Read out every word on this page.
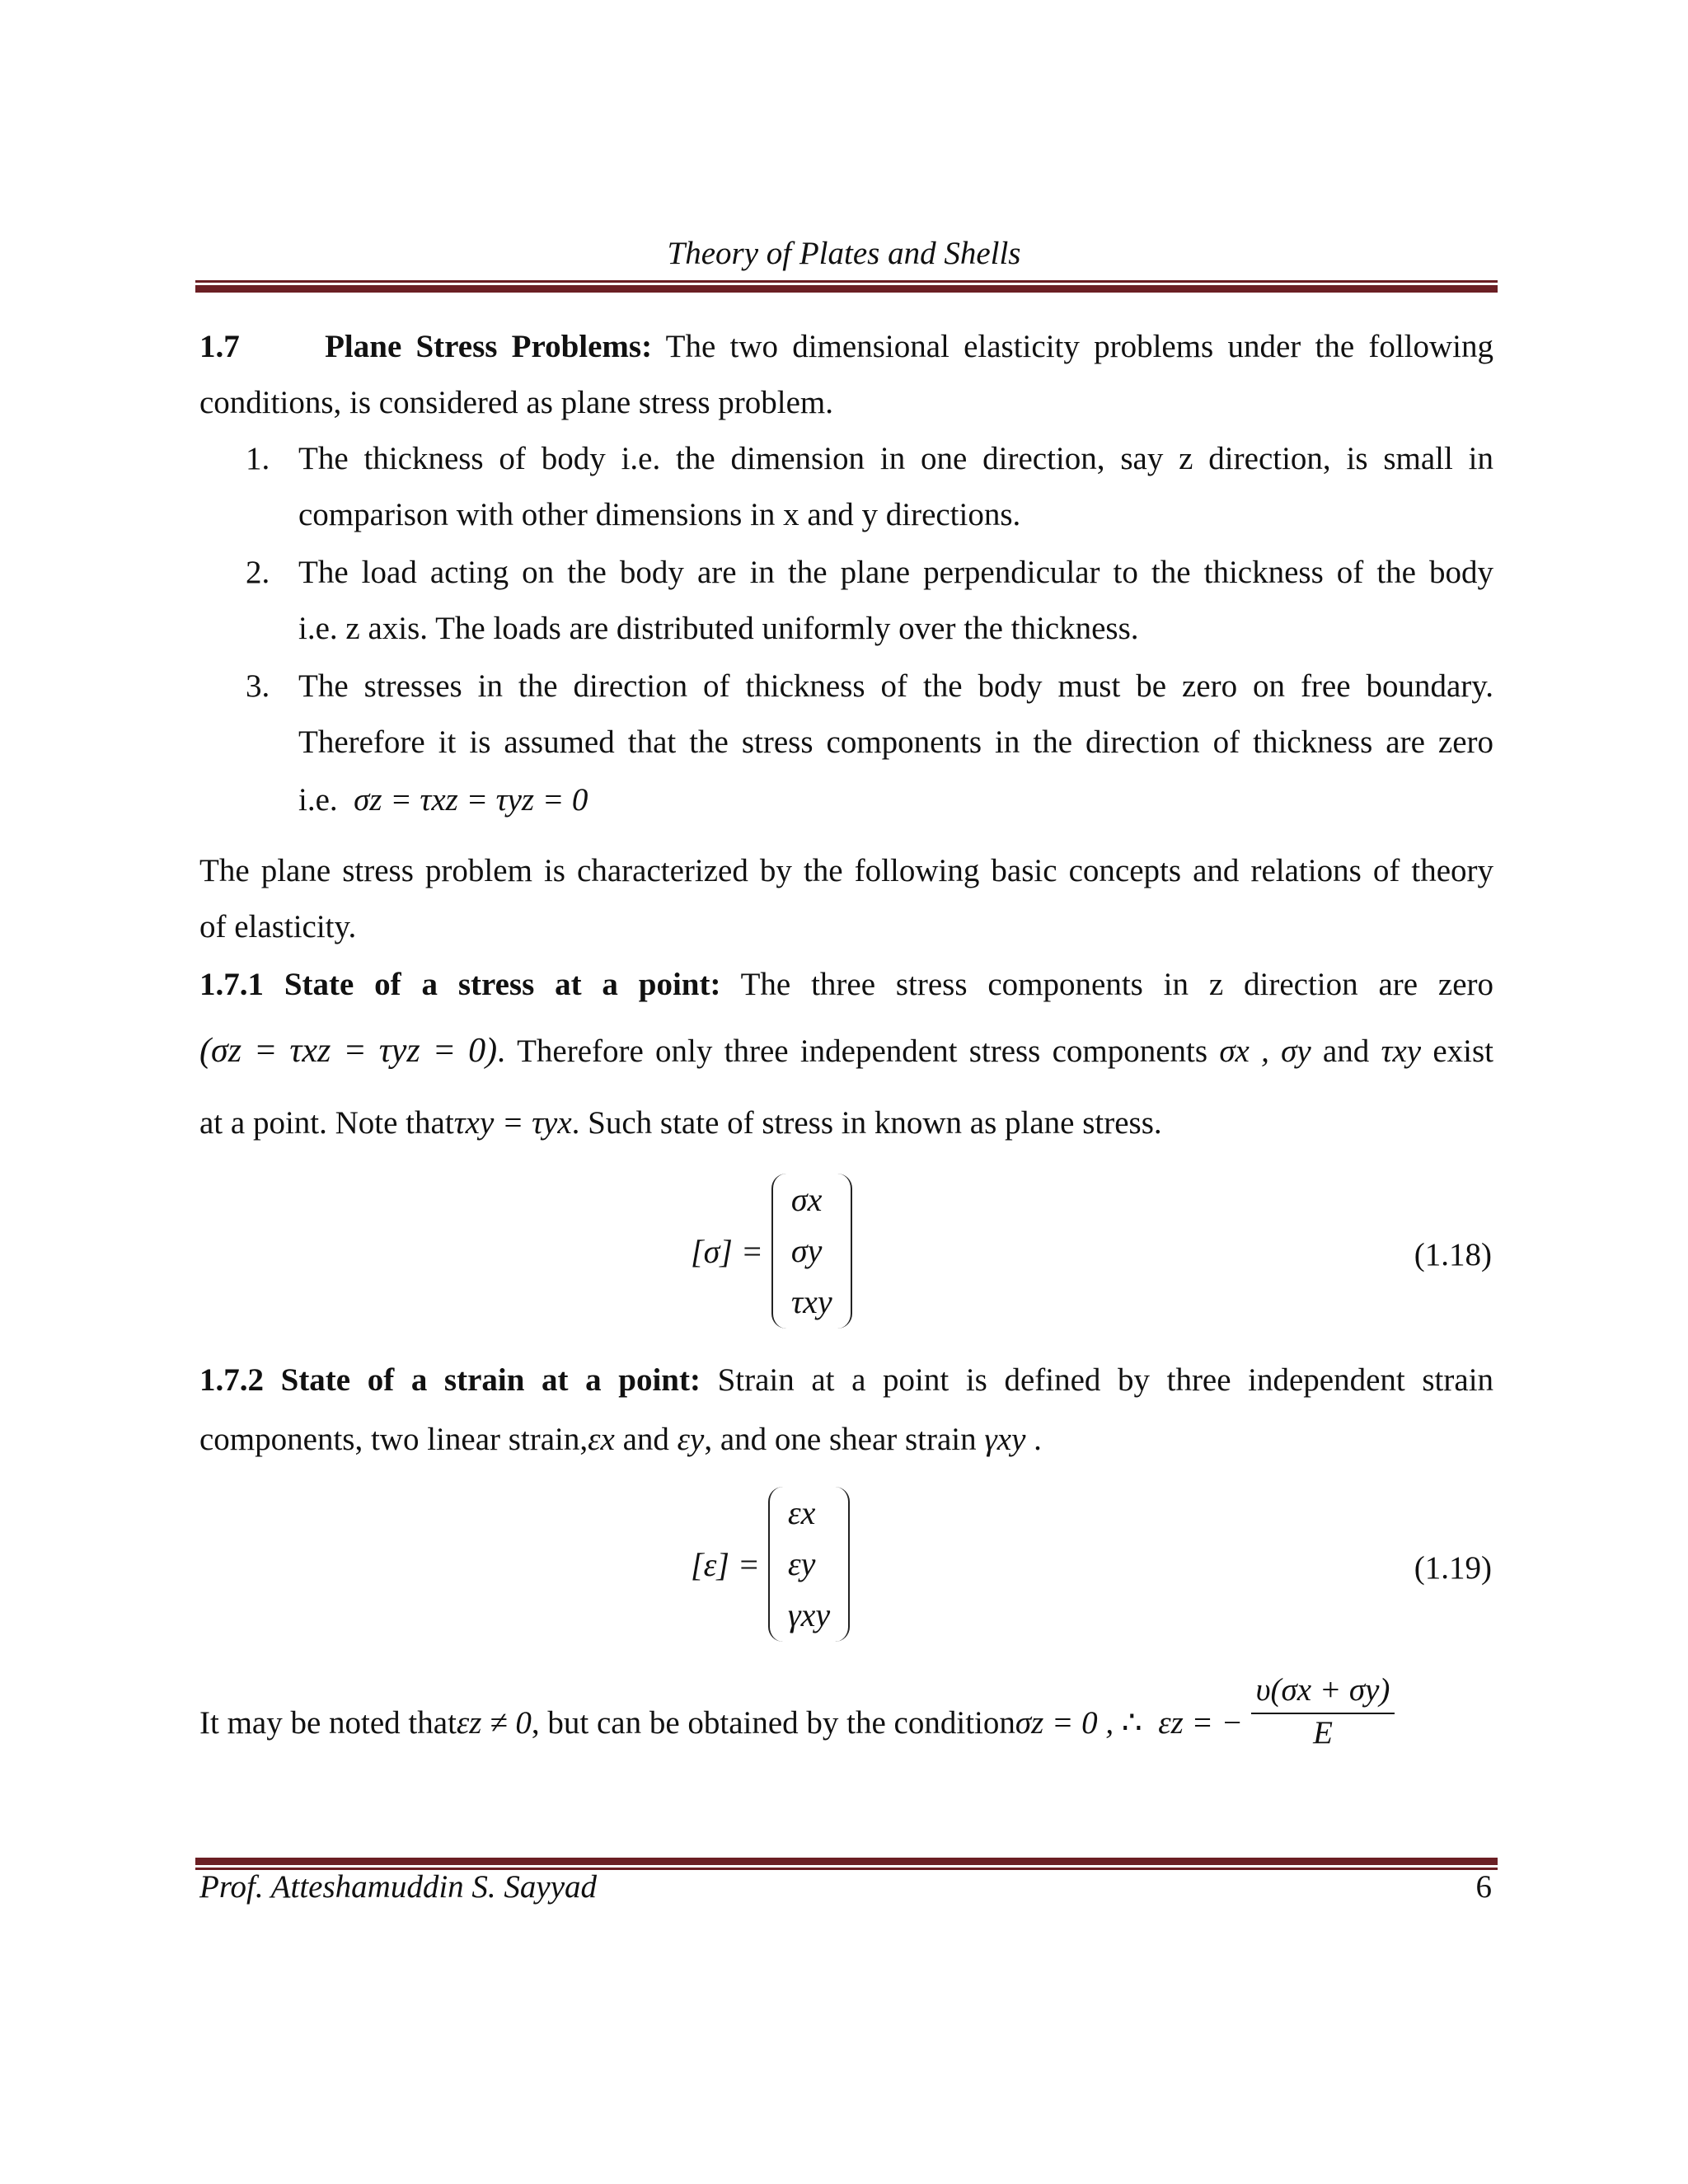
Theory of Plates and Shells
1.7	Plane Stress Problems: The two dimensional elasticity problems under the following
conditions, is considered as plane stress problem.
1. The thickness of body i.e. the dimension in one direction, say z direction, is small in
comparison with other dimensions in x and y directions.
2. The load acting on the body are in the plane perpendicular to the thickness of the body
i.e. z axis. The loads are distributed uniformly over the thickness.
3. The stresses in the direction of thickness of the body must be zero on free boundary.
Therefore it is assumed that the stress components in the direction of thickness are zero
i.e. σz = τxz = τyz = 0
The plane stress problem is characterized by the following basic concepts and relations of theory
of elasticity.
1.7.1 State of a stress at a point: The three stress components in z direction are zero
(σz = τxz = τyz = 0). Therefore only three independent stress components σx , σy and τxy exist
at a point. Note thatτxy = τyx. Such state of stress in known as plane stress.
[σ] =
σx
σy
τxy
(1.18)
1.7.2 State of a strain at a point: Strain at a point is defined by three independent strain
components, two linear strain,εx and εy, and one shear strain γxy .
[ε] =
εx
εy
γxy
(1.19)
It may be noted thatεz ≠ 0, but can be obtained by the conditionσz = 0 , ∴ εz = − $\frac{\upsilon(\sigma x + \sigma y)}{E}$
Prof. Atteshamuddin S. Sayyad	6
